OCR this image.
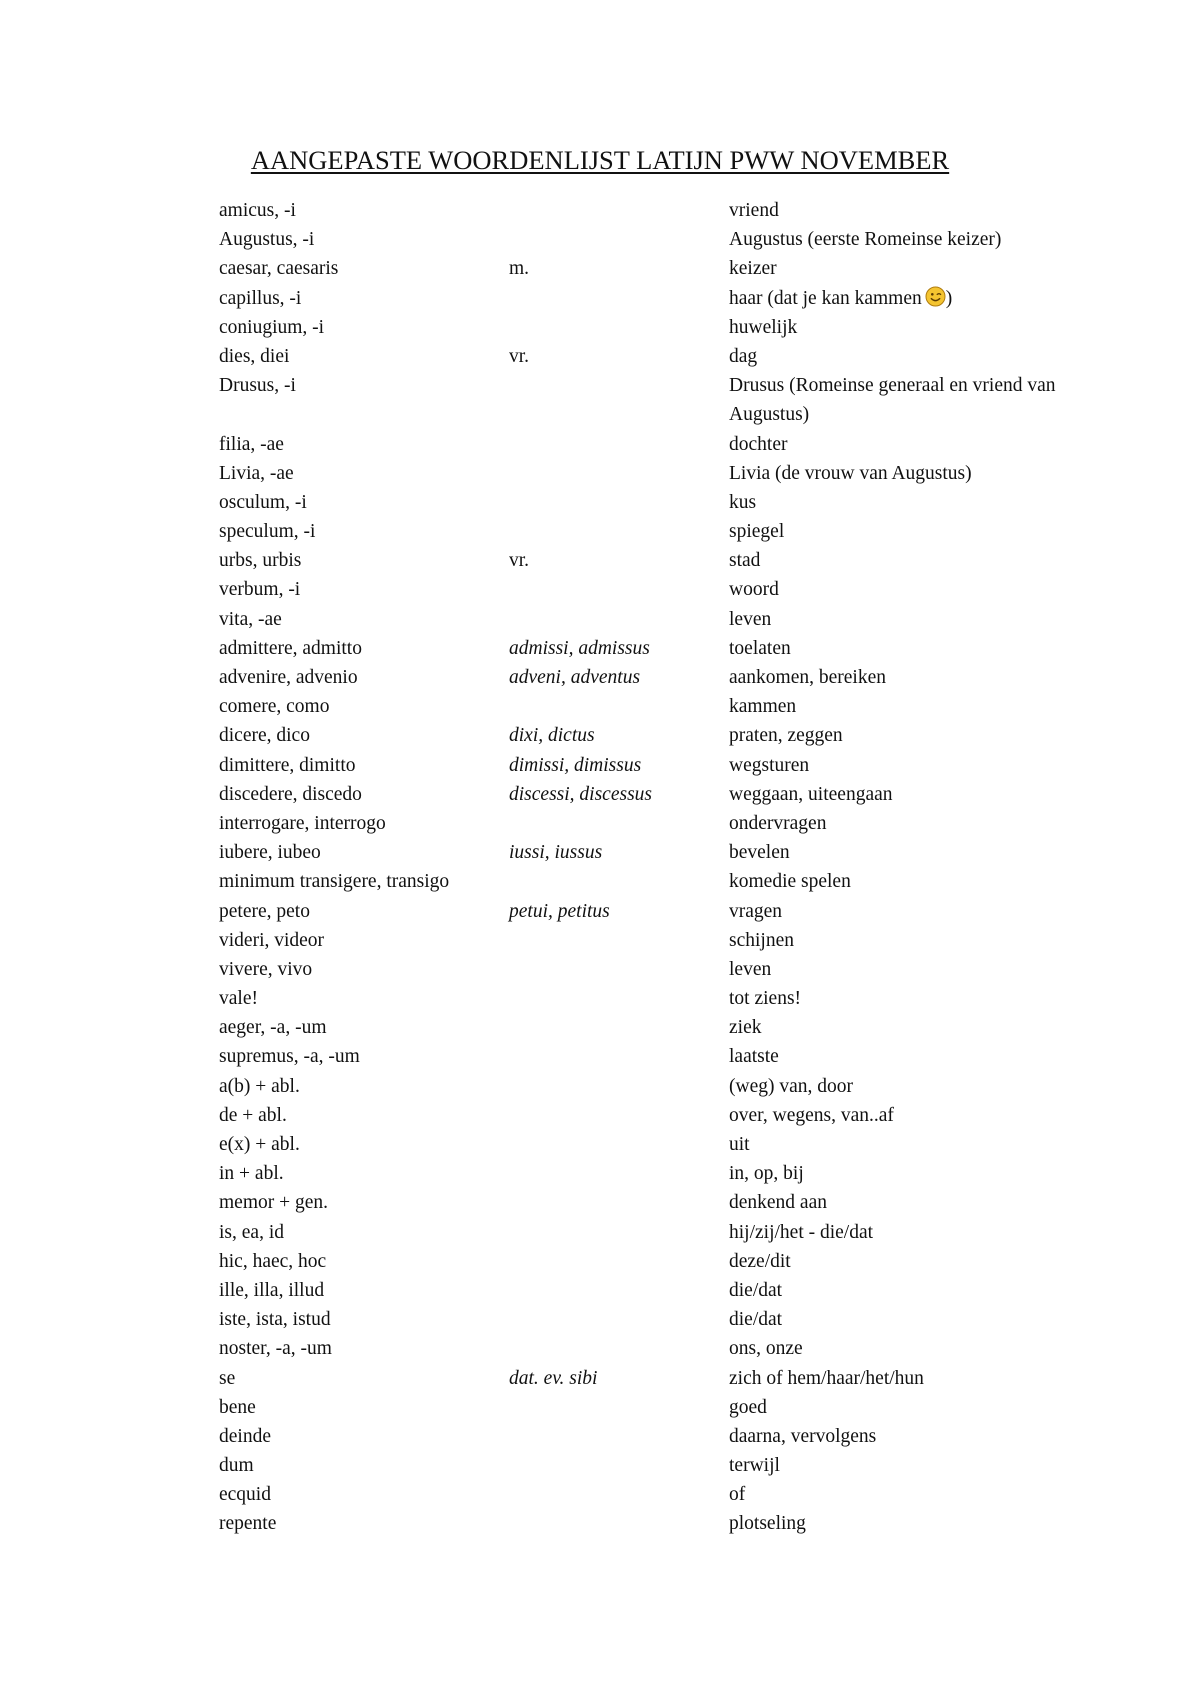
AANGEPASTE WOORDENLIJST LATIJN PWW NOVEMBER
amicus, -i	vriend
Augustus, -i	Augustus (eerste Romeinse keizer)
caesar, caesaris	m.	keizer
capillus, -i	haar (dat je kan kammen )
coniugium, -i	huwelijk
dies, diei	vr.	dag
Drusus, -i	Drusus (Romeinse generaal en vriend van Augustus)
filia, -ae	dochter
Livia, -ae	Livia (de vrouw van Augustus)
osculum, -i	kus
speculum, -i	spiegel
urbs, urbis	vr.	stad
verbum, -i	woord
vita, -ae	leven
admittere, admitto	admissi, admissus	toelaten
advenire, advenio	adveni, adventus	aankomen, bereiken
comere, como	kammen
dicere, dico	dixi, dictus	praten, zeggen
dimittere, dimitto	dimissi, dimissus	wegsturen
discedere, discedo	discessi, discessus	weggaan, uiteengaan
interrogare, interrogo	ondervragen
iubere, iubeo	iussi, iussus	bevelen
minimum transigere, transigo	komedie spelen
petere, peto	petui, petitus	vragen
videri, videor	schijnen
vivere, vivo	leven
vale!	tot ziens!
aeger, -a, -um	ziek
supremus, -a, -um	laatste
a(b) + abl.	(weg) van, door
de + abl.	over, wegens, van..af
e(x) + abl.	uit
in + abl.	in, op, bij
memor + gen.	denkend aan
is, ea, id	hij/zij/het - die/dat
hic, haec, hoc	deze/dit
ille, illa, illud	die/dat
iste, ista, istud	die/dat
noster, -a, -um	ons, onze
se	dat. ev. sibi	zich of hem/haar/het/hun
bene	goed
deinde	daarna, vervolgens
dum	terwijl
ecquid	of
repente	plotseling
